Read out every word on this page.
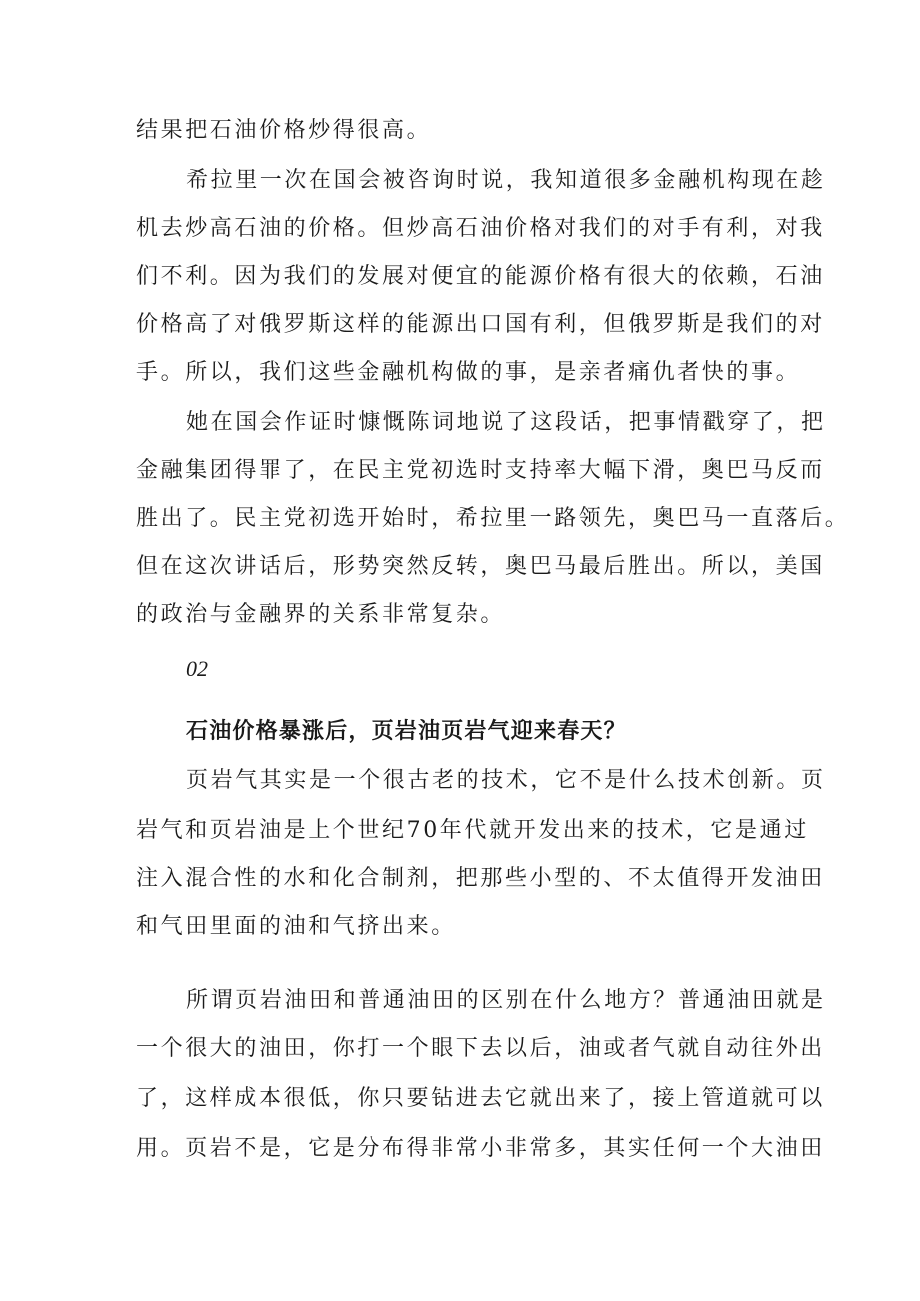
结果把石油价格炒得很高。
希拉里一次在国会被咨询时说，我知道很多金融机构现在趁
机去炒高石油的价格。但炒高石油价格对我们的对手有利，对我
们不利。因为我们的发展对便宜的能源价格有很大的依赖，石油
价格高了对俄罗斯这样的能源出口国有利，但俄罗斯是我们的对
手。所以，我们这些金融机构做的事，是亲者痛仇者快的事。
她在国会作证时慷慨陈词地说了这段话，把事情戳穿了，把
金融集团得罪了，在民主党初选时支持率大幅下滑，奥巴马反而
胜出了。民主党初选开始时，希拉里一路领先，奥巴马一直落后。
但在这次讲话后，形势突然反转，奥巴马最后胜出。所以，美国
的政治与金融界的关系非常复杂。
02
石油价格暴涨后，页岩油页岩气迎来春天？
页岩气其实是一个很古老的技术，它不是什么技术创新。页
岩气和页岩油是上个世纪70年代就开发出来的技术，它是通过
注入混合性的水和化合制剂，把那些小型的、不太值得开发油田
和气田里面的油和气挤出来。
所谓页岩油田和普通油田的区别在什么地方？普通油田就是
一个很大的油田，你打一个眼下去以后，油或者气就自动往外出
了，这样成本很低，你只要钻进去它就出来了，接上管道就可以
用。页岩不是，它是分布得非常小非常多，其实任何一个大油田
